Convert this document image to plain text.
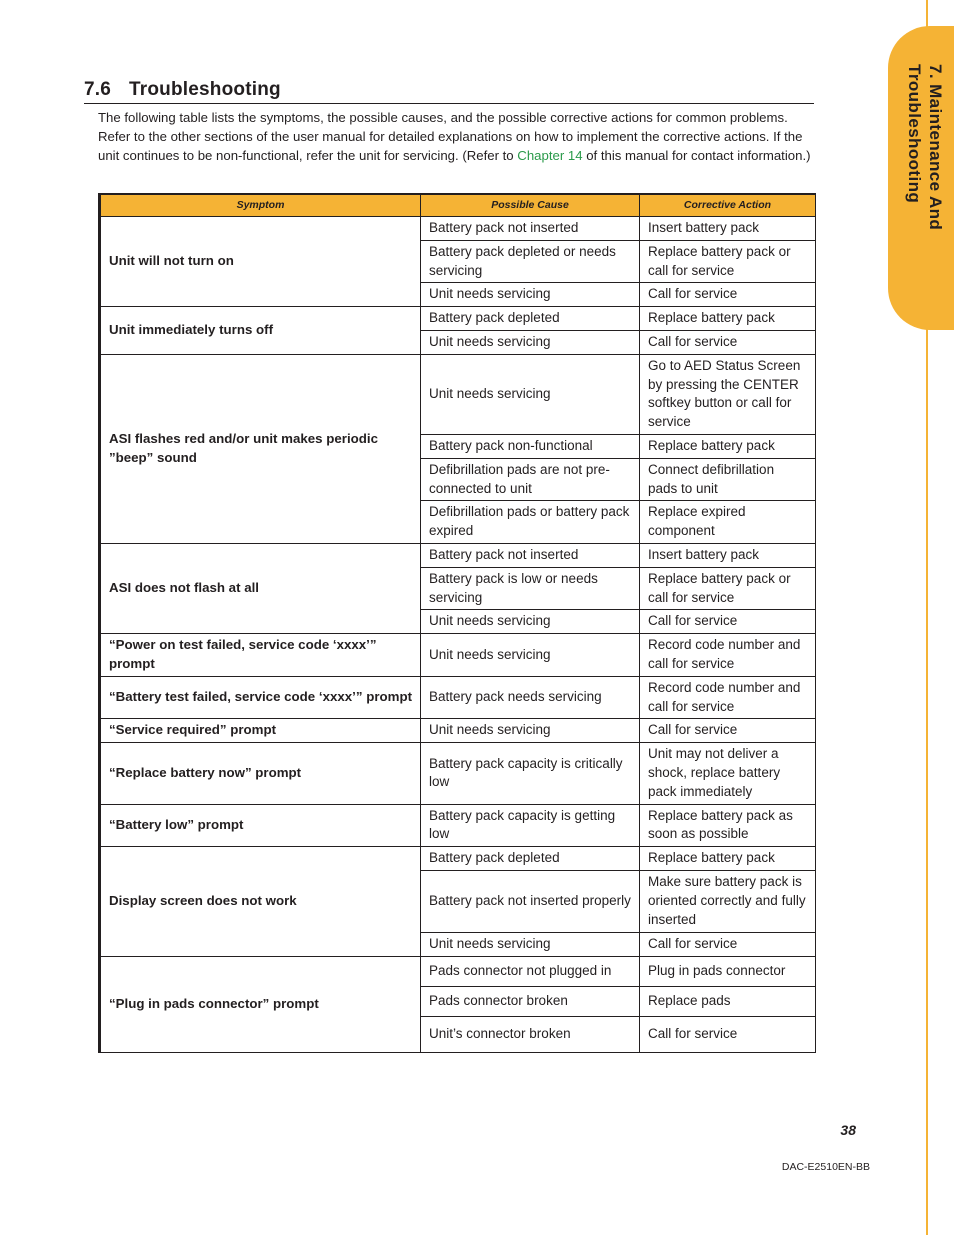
7. Maintenance And
Troubleshooting
7.6 Troubleshooting
The following table lists the symptoms, the possible causes, and the possible corrective actions for common problems. Refer to the other sections of the user manual for detailed explanations on how to implement the corrective actions. If the unit continues to be non-functional, refer the unit for servicing. (Refer to Chapter 14 of this manual for contact information.)
Symptom	Possible Cause	Corrective Action
Unit will not turn on	Battery pack not inserted	Insert battery pack
	Battery pack depleted or needs servicing	Replace battery pack or call for service
	Unit needs servicing	Call for service
Unit immediately turns off	Battery pack depleted	Replace battery pack
	Unit needs servicing	Call for service
ASI flashes red and/or unit makes periodic ”beep” sound	Unit needs servicing	Go to AED Status Screen by pressing the CENTER softkey button or call for service
	Battery pack non-functional	Replace battery pack
	Defibrillation pads are not pre-connected to unit	Connect defibrillation pads to unit
	Defibrillation pads or battery pack expired	Replace expired component
ASI does not flash at all	Battery pack not inserted	Insert battery pack
	Battery pack is low or needs servicing	Replace battery pack or call for service
	Unit needs servicing	Call for service
“Power on test failed, service code ‘xxxx’” prompt	Unit needs servicing	Record code number and call for service
“Battery test failed, service code ‘xxxx’” prompt	Battery pack needs servicing	Record code number and call for service
“Service required” prompt	Unit needs servicing	Call for service
“Replace battery now” prompt	Battery pack capacity is critically low	Unit may not deliver a shock, replace battery pack immediately
“Battery low” prompt	Battery pack capacity is getting low	Replace battery pack as soon as possible
Display screen does not work	Battery pack depleted	Replace battery pack
	Battery pack not inserted properly	Make sure battery pack is oriented correctly and fully inserted
	Unit needs servicing	Call for service
“Plug in pads connector” prompt	Pads connector not plugged in	Plug in pads connector
	Pads connector broken	Replace pads
	Unit’s connector broken	Call for service
38
DAC-E2510EN-BB
